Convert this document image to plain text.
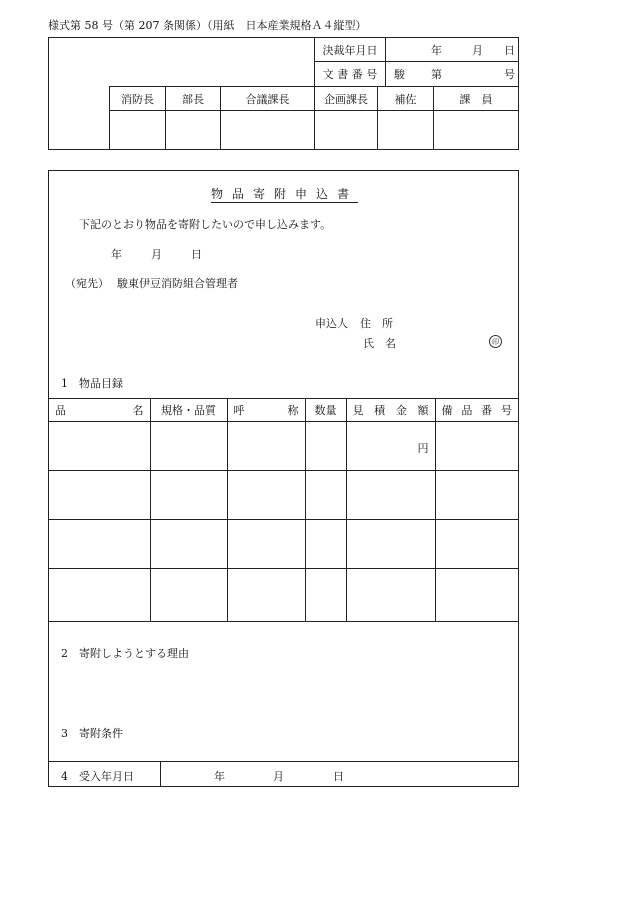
様式第 58 号（第 207 条関係）（用紙　日本産業規格Ａ４縦型）
決裁年月日	年	月 日
文 書 番 号	駿 第	号
消防長	部長	合議課長	企画課長	補佐	課　員
物品寄附申込書
下記のとおり物品を寄附したいので申し込みます。
年	月	日
（宛先） 駿東伊豆消防組合管理者
申込人 住　所
氏　名	印
1　 物品目録
品 名	規格・品質	呼 称	数量	見 積 金 額	備 品 番 号

				円	

2　 寄附しようとする理由
3　 寄附条件
4　 受入年月日	年	月	日
